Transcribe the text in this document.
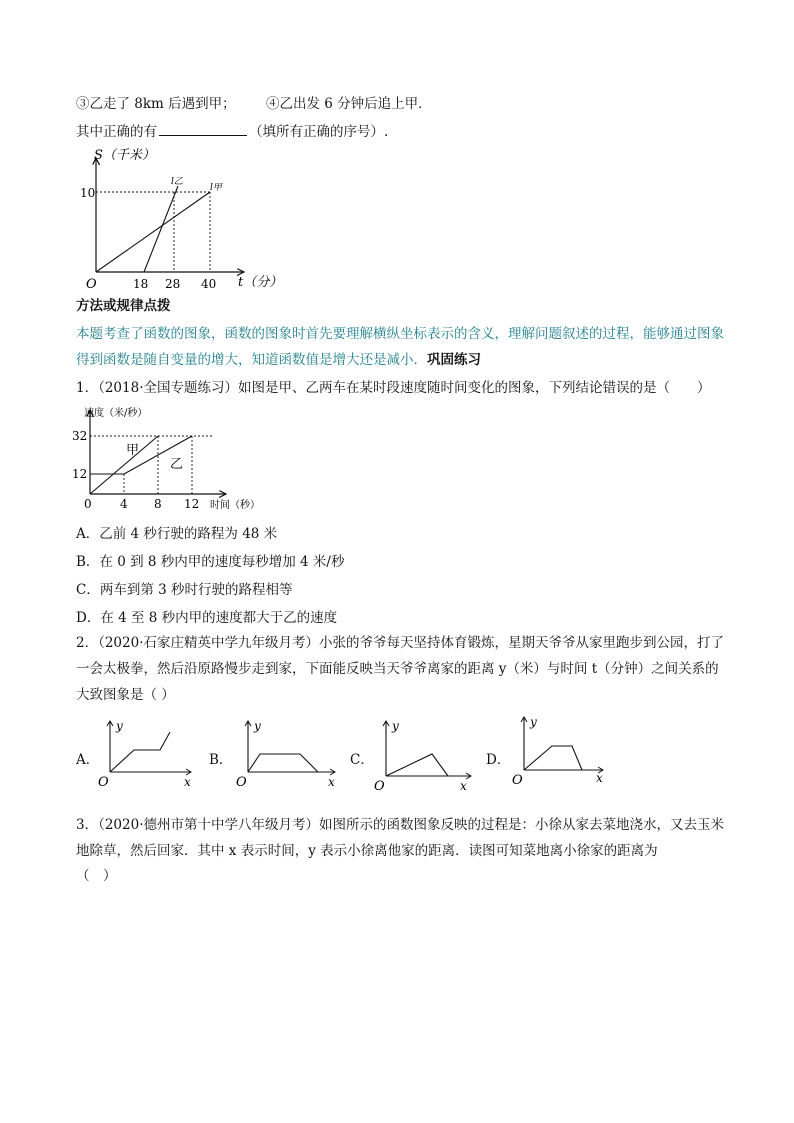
③乙走了 8km 后遇到甲； ④乙出发 6 分钟后追上甲．
其中正确的有	（填所有正确的序号）.
S（千米）
10
O	18 28 40 t（分）
l乙
l甲
方法或规律点拨
本题考查了函数的图象，函数的图象时首先要理解横纵坐标表示的含义，理解问题叙述的过程，能够通过图象得到函数是随自变量的增大，知道函数值是增大还是减小．巩固练习
1．（2018·全国专题练习）如图是甲、乙两车在某时段速度随时间变化的图象，下列结论错误的是（　　）
速度（米/秒）
32
12
0 4 8 12 时间（秒）
甲
乙
A．乙前 4 秒行驶的路程为 48 米
B．在 0 到 8 秒内甲的速度每秒增加 4 米/秒
C．两车到第 3 秒时行驶的路程相等
D．在 4 至 8 秒内甲的速度都大于乙的速度
2．（2020·石家庄精英中学九年级月考）小张的爷爷每天坚持体育锻炼，星期天爷爷从家里跑步到公园，打了一会太极拳，然后沿原路慢步走到家，下面能反映当天爷爷离家的距离 y（米）与时间 t（分钟）之间关系的大致图象是（ ）
A．
y
O	x
B．
y
O	x
C．
y
O	x
D．
y
O	x
3．（2020·德州市第十中学八年级月考）如图所示的函数图象反映的过程是：小徐从家去菜地浇水，又去玉米地除草，然后回家．其中 x 表示时间，y 表示小徐离他家的距离．读图可知菜地离小徐家的距离为
（　）
